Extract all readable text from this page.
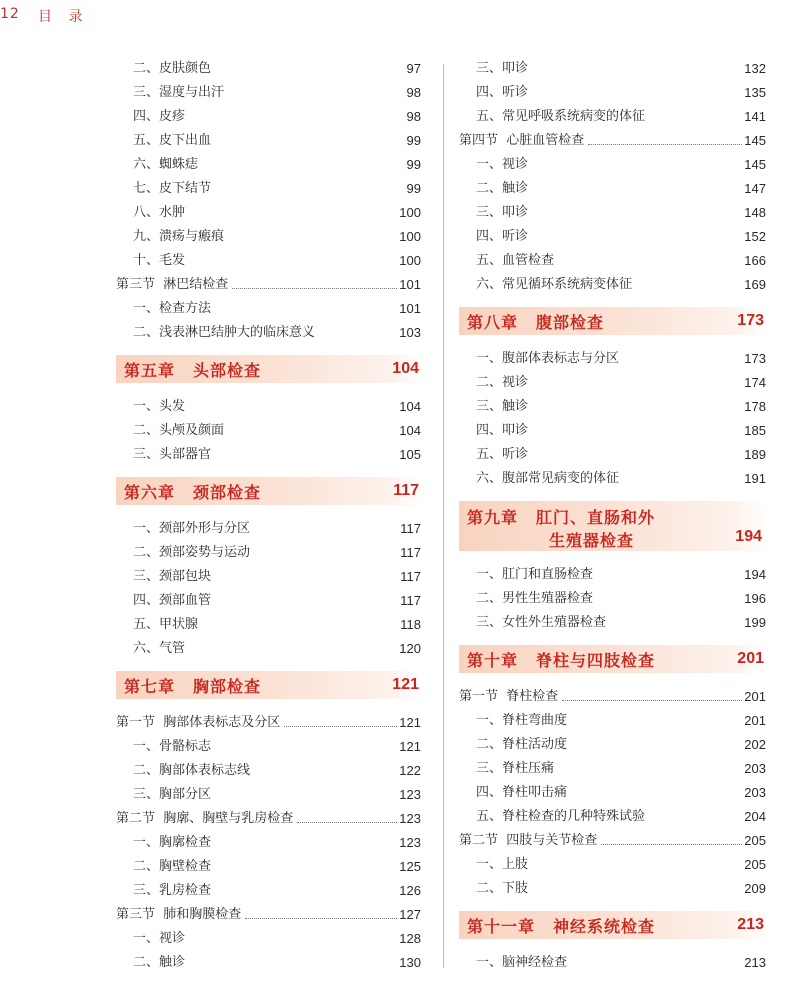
12 目 录
二、皮肤颜色	97
三、湿度与出汗	98
四、皮疹	98
五、皮下出血	99
六、蜘蛛痣	99
七、皮下结节	99
八、水肿	100
九、溃疡与瘢痕	100
十、毛发	100
第三节 淋巴结检查	101
一、检查方法	101
二、浅表淋巴结肿大的临床意义	103
第五章 头部检查	104
一、头发	104
二、头颅及颜面	104
三、头部器官	105
第六章 颈部检查	117
一、颈部外形与分区	117
二、颈部姿势与运动	117
三、颈部包块	117
四、颈部血管	117
五、甲状腺	118
六、气管	120
第七章 胸部检查	121
第一节 胸部体表标志及分区	121
一、骨骼标志	121
二、胸部体表标志线	122
三、胸部分区	123
第二节 胸廓、胸壁与乳房检查	123
一、胸廓检查	123
二、胸壁检查	125
三、乳房检查	126
第三节 肺和胸膜检查	127
一、视诊	128
二、触诊	130
三、叩诊	132
四、听诊	135
五、常见呼吸系统病变的体征	141
第四节 心脏血管检查	145
一、视诊	145
二、触诊	147
三、叩诊	148
四、听诊	152
五、血管检查	166
六、常见循环系统病变体征	169
第八章 腹部检查	173
一、腹部体表标志与分区	173
二、视诊	174
三、触诊	178
四、叩诊	185
五、听诊	189
六、腹部常见病变的体征	191
第九章 肛门、直肠和外
生殖器检查	194
一、肛门和直肠检查	194
二、男性生殖器检查	196
三、女性外生殖器检查	199
第十章 脊柱与四肢检查	201
第一节 脊柱检查	201
一、脊柱弯曲度	201
二、脊柱活动度	202
三、脊柱压痛	203
四、脊柱叩击痛	203
五、脊柱检查的几种特殊试验	204
第二节 四肢与关节检查	205
一、上肢	205
二、下肢	209
第十一章 神经系统检查	213
一、脑神经检查	213
